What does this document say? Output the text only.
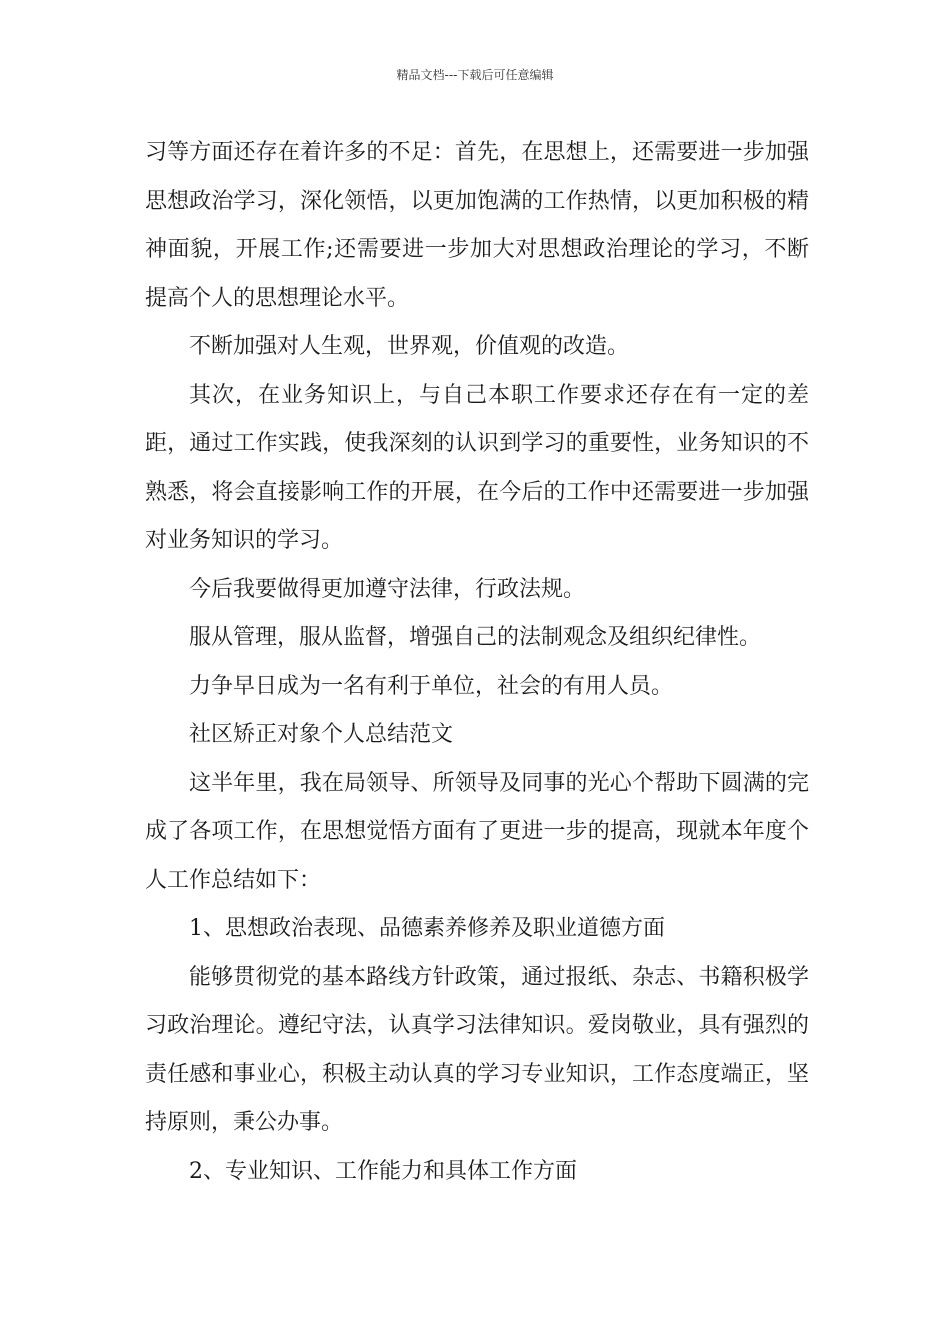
精品文档---下载后可任意编辑

习等方面还存在着许多的不足：首先，在思想上，还需要进一步加强思想政治学习，深化领悟，以更加饱满的工作热情，以更加积极的精神面貌，开展工作;还需要进一步加大对思想政治理论的学习，不断提高个人的思想理论水平。

不断加强对人生观，世界观，价值观的改造。

其次，在业务知识上，与自己本职工作要求还存在有一定的差距，通过工作实践，使我深刻的认识到学习的重要性，业务知识的不熟悉，将会直接影响工作的开展，在今后的工作中还需要进一步加强对业务知识的学习。

今后我要做得更加遵守法律，行政法规。

服从管理，服从监督，增强自己的法制观念及组织纪律性。

力争早日成为一名有利于单位，社会的有用人员。

社区矫正对象个人总结范文

这半年里，我在局领导、所领导及同事的光心个帮助下圆满的完成了各项工作，在思想觉悟方面有了更进一步的提高，现就本年度个人工作总结如下：

1、思想政治表现、品德素养修养及职业道德方面

能够贯彻党的基本路线方针政策，通过报纸、杂志、书籍积极学习政治理论。遵纪守法，认真学习法律知识。爱岗敬业，具有强烈的责任感和事业心，积极主动认真的学习专业知识，工作态度端正，坚持原则，秉公办事。

2、专业知识、工作能力和具体工作方面
